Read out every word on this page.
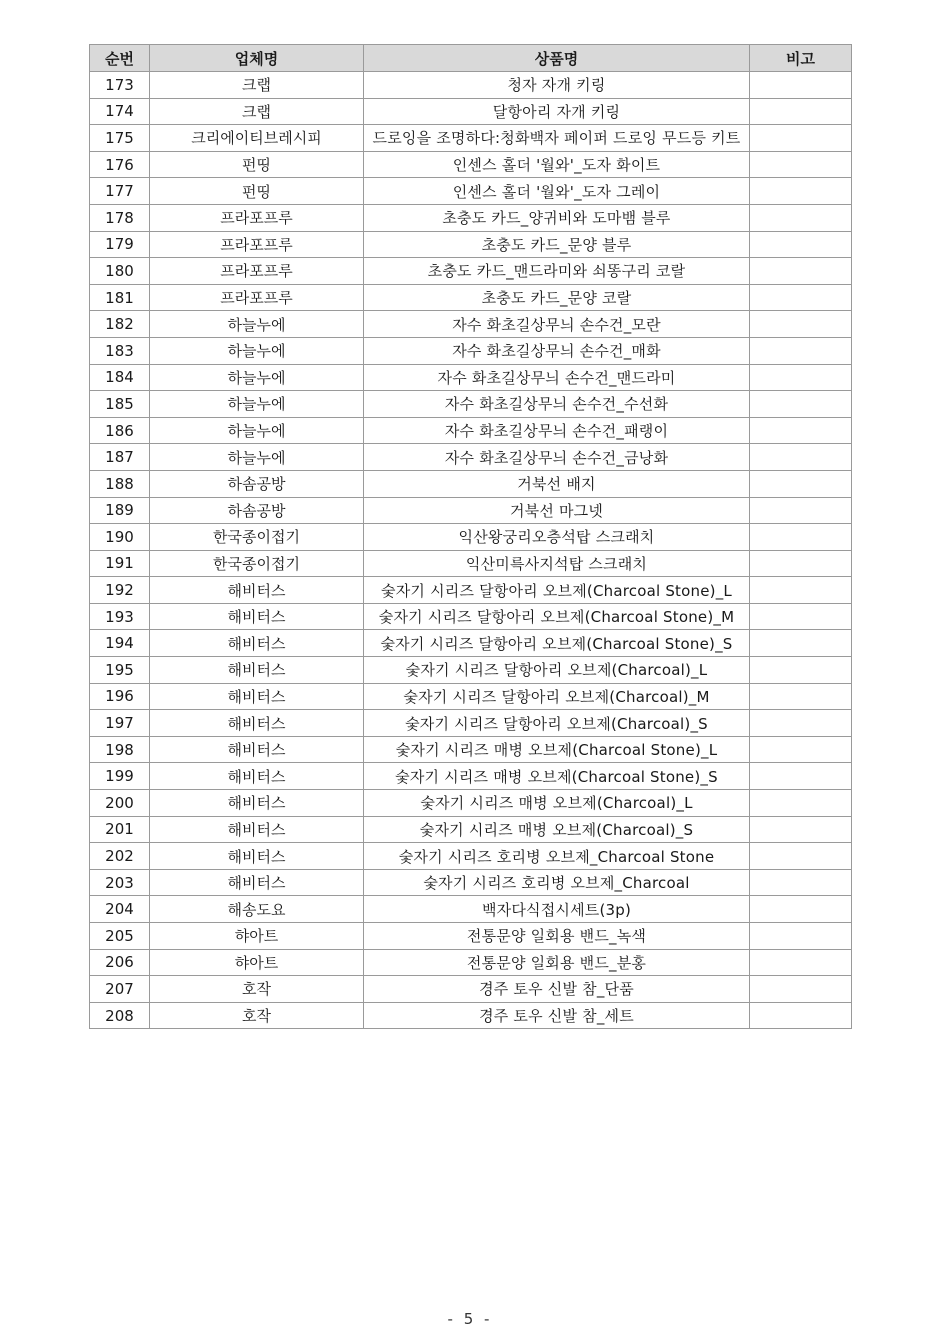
순번	업체명	상품명	비고
173	크랩	청자 자개 키링	
174	크랩	달항아리 자개 키링	
175	크리에이티브레시피	드로잉을 조명하다:청화백자 페이퍼 드로잉 무드등 키트	
176	펀띵	인센스 홀더 '월와'_도자 화이트	
177	펀띵	인센스 홀더 '월와'_도자 그레이	
178	프라포프루	초충도 카드_양귀비와 도마뱀 블루	
179	프라포프루	초충도 카드_문양 블루	
180	프라포프루	초충도 카드_맨드라미와 쇠똥구리 코랄	
181	프라포프루	초충도 카드_문양 코랄	
182	하늘누에	자수 화초길상무늬 손수건_모란	
183	하늘누에	자수 화초길상무늬 손수건_매화	
184	하늘누에	자수 화초길상무늬 손수건_맨드라미	
185	하늘누에	자수 화초길상무늬 손수건_수선화	
186	하늘누에	자수 화초길상무늬 손수건_패랭이	
187	하늘누에	자수 화초길상무늬 손수건_금낭화	
188	하솜공방	거북선 배지	
189	하솜공방	거북선 마그넷	
190	한국종이접기	익산왕궁리오층석탑 스크래치	
191	한국종이접기	익산미륵사지석탑 스크래치	
192	해비터스	숯자기 시리즈 달항아리 오브제(Charcoal Stone)_L	
193	해비터스	숯자기 시리즈 달항아리 오브제(Charcoal Stone)_M	
194	해비터스	숯자기 시리즈 달항아리 오브제(Charcoal Stone)_S	
195	해비터스	숯자기 시리즈 달항아리 오브제(Charcoal)_L	
196	해비터스	숯자기 시리즈 달항아리 오브제(Charcoal)_M	
197	해비터스	숯자기 시리즈 달항아리 오브제(Charcoal)_S	
198	해비터스	숯자기 시리즈 매병 오브제(Charcoal Stone)_L	
199	해비터스	숯자기 시리즈 매병 오브제(Charcoal Stone)_S	
200	해비터스	숯자기 시리즈 매병 오브제(Charcoal)_L	
201	해비터스	숯자기 시리즈 매병 오브제(Charcoal)_S	
202	해비터스	숯자기 시리즈 호리병 오브제_Charcoal Stone	
203	해비터스	숯자기 시리즈 호리병 오브제_Charcoal	
204	해송도요	백자다식접시세트(3p)	
205	햐아트	전통문양 일회용 밴드_녹색	
206	햐아트	전통문양 일회용 밴드_분홍	
207	호작	경주 토우 신발 참_단품	
208	호작	경주 토우 신발 참_세트	
- 5 -
